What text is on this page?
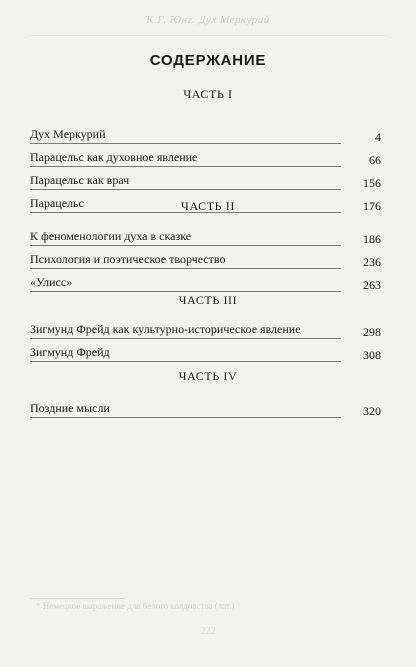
К.Г. Юнг. Дух Меркурий
СОДЕРЖАНИЕ
ЧАСТЬ I
Дух Меркурий	4
Парацельс как духовное явление	66
Парацельс как врач	156
Парацельс	176
ЧАСТЬ II
К феноменологии духа в сказке	186
Психология и поэтическое творчество	236
«Улисс»	263
ЧАСТЬ III
Зигмунд Фрейд как культурно-историческое явление	298
Зигмунд Фрейд	308
ЧАСТЬ IV
Поздние мысли	320
* Немецкое выражение для белого колдовства (лат.)
222
